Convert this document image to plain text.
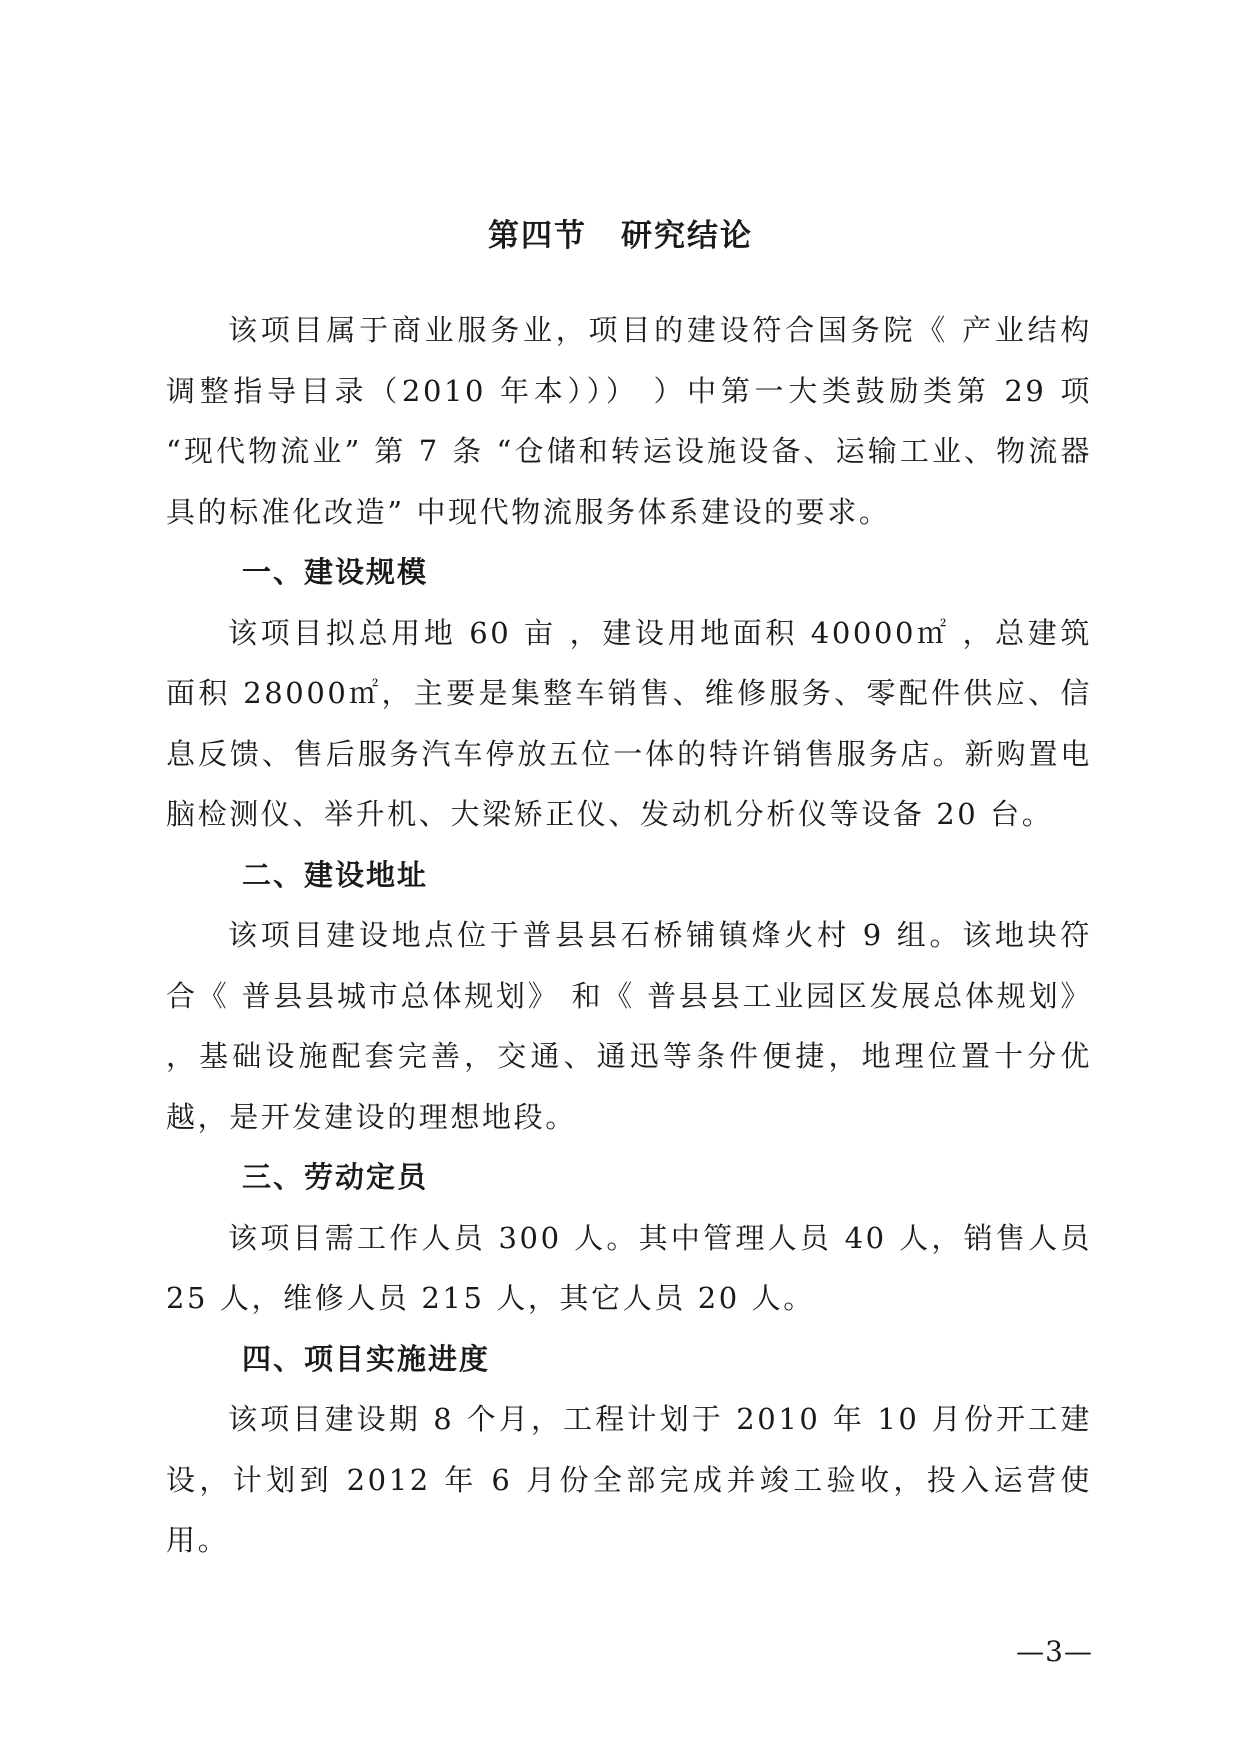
第四节 研究结论

该项目属于商业服务业，项目的建设符合国务院《 产业结构调整指导目录（2010 年本））） ）中第一大类鼓励类第 29 项 “现代物流业” 第 7 条 “仓储和转运设施设备、运输工业、物流器具的标准化改造” 中现代物流服务体系建设的要求。

一、建设规模

该项目拟总用地 60 亩 ，建设用地面积 40000㎡ ，总建筑面积 28000㎡，主要是集整车销售、维修服务、零配件供应、信息反馈、售后服务汽车停放五位一体的特许销售服务店。新购置电脑检测仪、举升机、大梁矫正仪、发动机分析仪等设备 20 台。

二、建设地址

该项目建设地点位于普县县石桥铺镇烽火村 9 组。该地块符合《 普县县城市总体规划》 和《 普县县工业园区发展总体规划》 ，基础设施配套完善，交通、通迅等条件便捷，地理位置十分优越，是开发建设的理想地段。

三、劳动定员

该项目需工作人员 300 人。其中管理人员 40 人，销售人员 25 人，维修人员 215 人，其它人员 20 人。

四、项目实施进度

该项目建设期 8 个月，工程计划于 2010 年 10 月份开工建设，计划到 2012 年 6 月份全部完成并竣工验收，投入运营使用。

—3—
